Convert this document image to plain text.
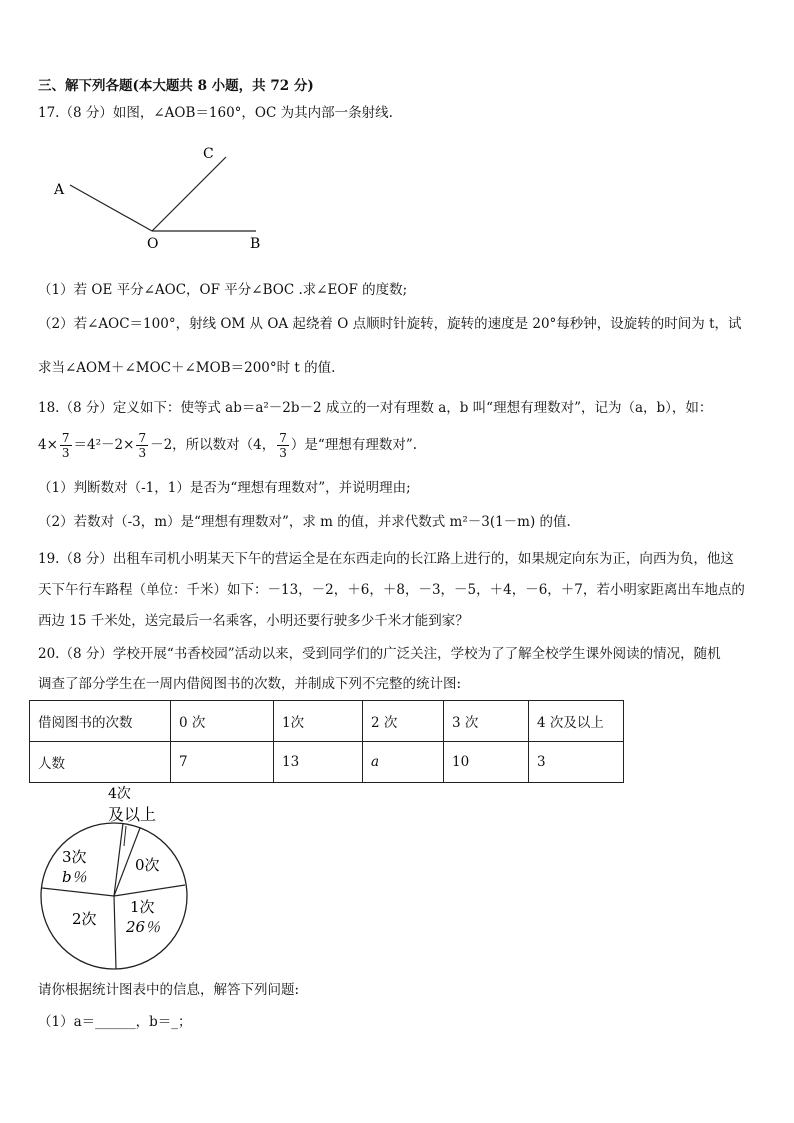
三、解下列各题(本大题共 8 小题，共 72 分)
17.（8 分）如图，∠AOB＝160°，OC 为其内部一条射线.
A
C
O	B
（1）若 OE 平分∠AOC，OF 平分∠BOC .求∠EOF 的度数;
（2）若∠AOC＝100°，射线 OM 从 OA 起绕着 O 点顺时针旋转，旋转的速度是 20°每秒钟，设旋转的时间为 t，试
求当∠AOM＋∠MOC＋∠MOB＝200°时 t 的值.
18.（8 分）定义如下：使等式 ab＝a²－2b－2 成立的一对有理数 a，b 叫“理想有理数对”，记为（a，b），如：
$4\times \frac{7}{3} =4^2-2\times \frac{7}{3} -2$，所以数对（4， $\frac{7}{3}$ ）是“理想有理数对”.
（1）判断数对（-1，1）是否为“理想有理数对”，并说明理由;
（2）若数对（-3，m）是“理想有理数对”，求 m 的值，并求代数式 m²－3(1－m) 的值.
19.（8 分）出租车司机小明某天下午的营运全是在东西走向的长江路上进行的，如果规定向东为正，向西为负，他这
天下午行车路程（单位：千米）如下：－13，－2，＋6，＋8，－3，－5，＋4，－6，＋7，若小明家距离出车地点的
西边 15 千米处，送完最后一名乘客，小明还要行驶多少千米才能到家？
20.（8 分）学校开展“书香校园”活动以来，受到同学们的广泛关注，学校为了了解全校学生课外阅读的情况，随机
调查了部分学生在一周内借阅图书的次数，并制成下列不完整的统计图:
借阅图书的次数	0 次	1次	2 次	3 次	4 次及以上
人数	7	13	a	10	3
4次
及以上
0次
3次
b％
2次
1次
26％
请你根据统计图表中的信息，解答下列问题:
（1）a＝______，b＝_；
